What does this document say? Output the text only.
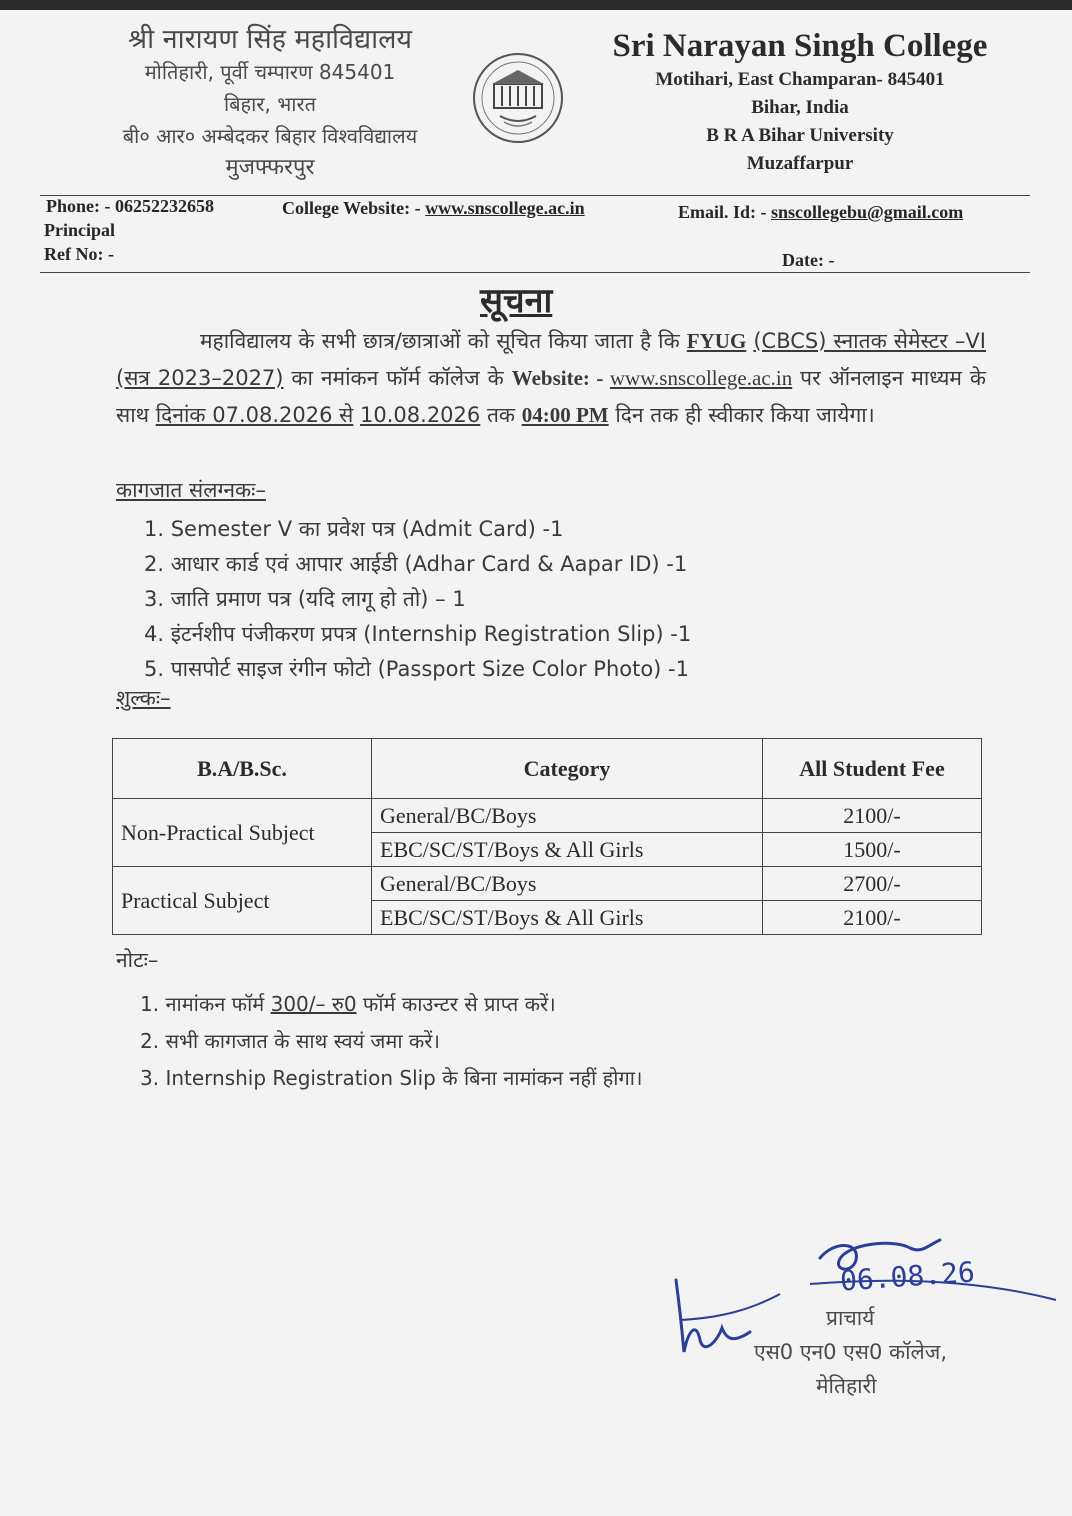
श्री नारायण सिंह महाविद्यालय
मोतिहारी, पूर्वी चम्पारण 845401
बिहार, भारत
बी० आर० अम्बेदकर बिहार विश्वविद्यालय
मुजफ्फरपुर
Sri Narayan Singh College
Motihari, East Champaran- 845401
Bihar, India
B R A Bihar University
Muzaffarpur
Phone: - 06252232658	College Website: - www.snscollege.ac.in	Email. Id: - snscollegebu@gmail.com
Principal
Ref No: -	Date: -
सूचना
महाविद्यालय के सभी छात्र/छात्राओं को सूचित किया जाता है कि FYUG (CBCS) स्नातक सेमेस्टर –VI (सत्र 2023–2027) का नमांकन फॉर्म कॉलेज के Website: - www.snscollege.ac.in पर ऑनलाइन माध्यम के साथ दिनांक 07.08.2026 से 10.08.2026 तक 04:00 PM दिन तक ही स्वीकार किया जायेगा।
कागजात संलग्नकः–
1. Semester V का प्रवेश पत्र (Admit Card) -1
2. आधार कार्ड एवं आपार आईडी (Adhar Card & Aapar ID) -1
3. जाति प्रमाण पत्र (यदि लागू हो तो) – 1
4. इंटर्नशीप पंजीकरण प्रपत्र (Internship Registration Slip) -1
5. पासपोर्ट साइज रंगीन फोटो (Passport Size Color Photo) -1
शुल्कः–
B.A/B.Sc.	Category	All Student Fee
Non-Practical Subject	General/BC/Boys	2100/-
	EBC/SC/ST/Boys & All Girls	1500/-
Practical Subject	General/BC/Boys	2700/-
	EBC/SC/ST/Boys & All Girls	2100/-
नोटः–
1. नामांकन फॉर्म 300/– रु0 फॉर्म काउन्टर से प्राप्त करें।
2. सभी कागजात के साथ स्वयं जमा करें।
3. Internship Registration Slip के बिना नामांकन नहीं होगा।
06.08.26
प्राचार्य
एस0 एन0 एस0 कॉलेज,
मेतिहारी
